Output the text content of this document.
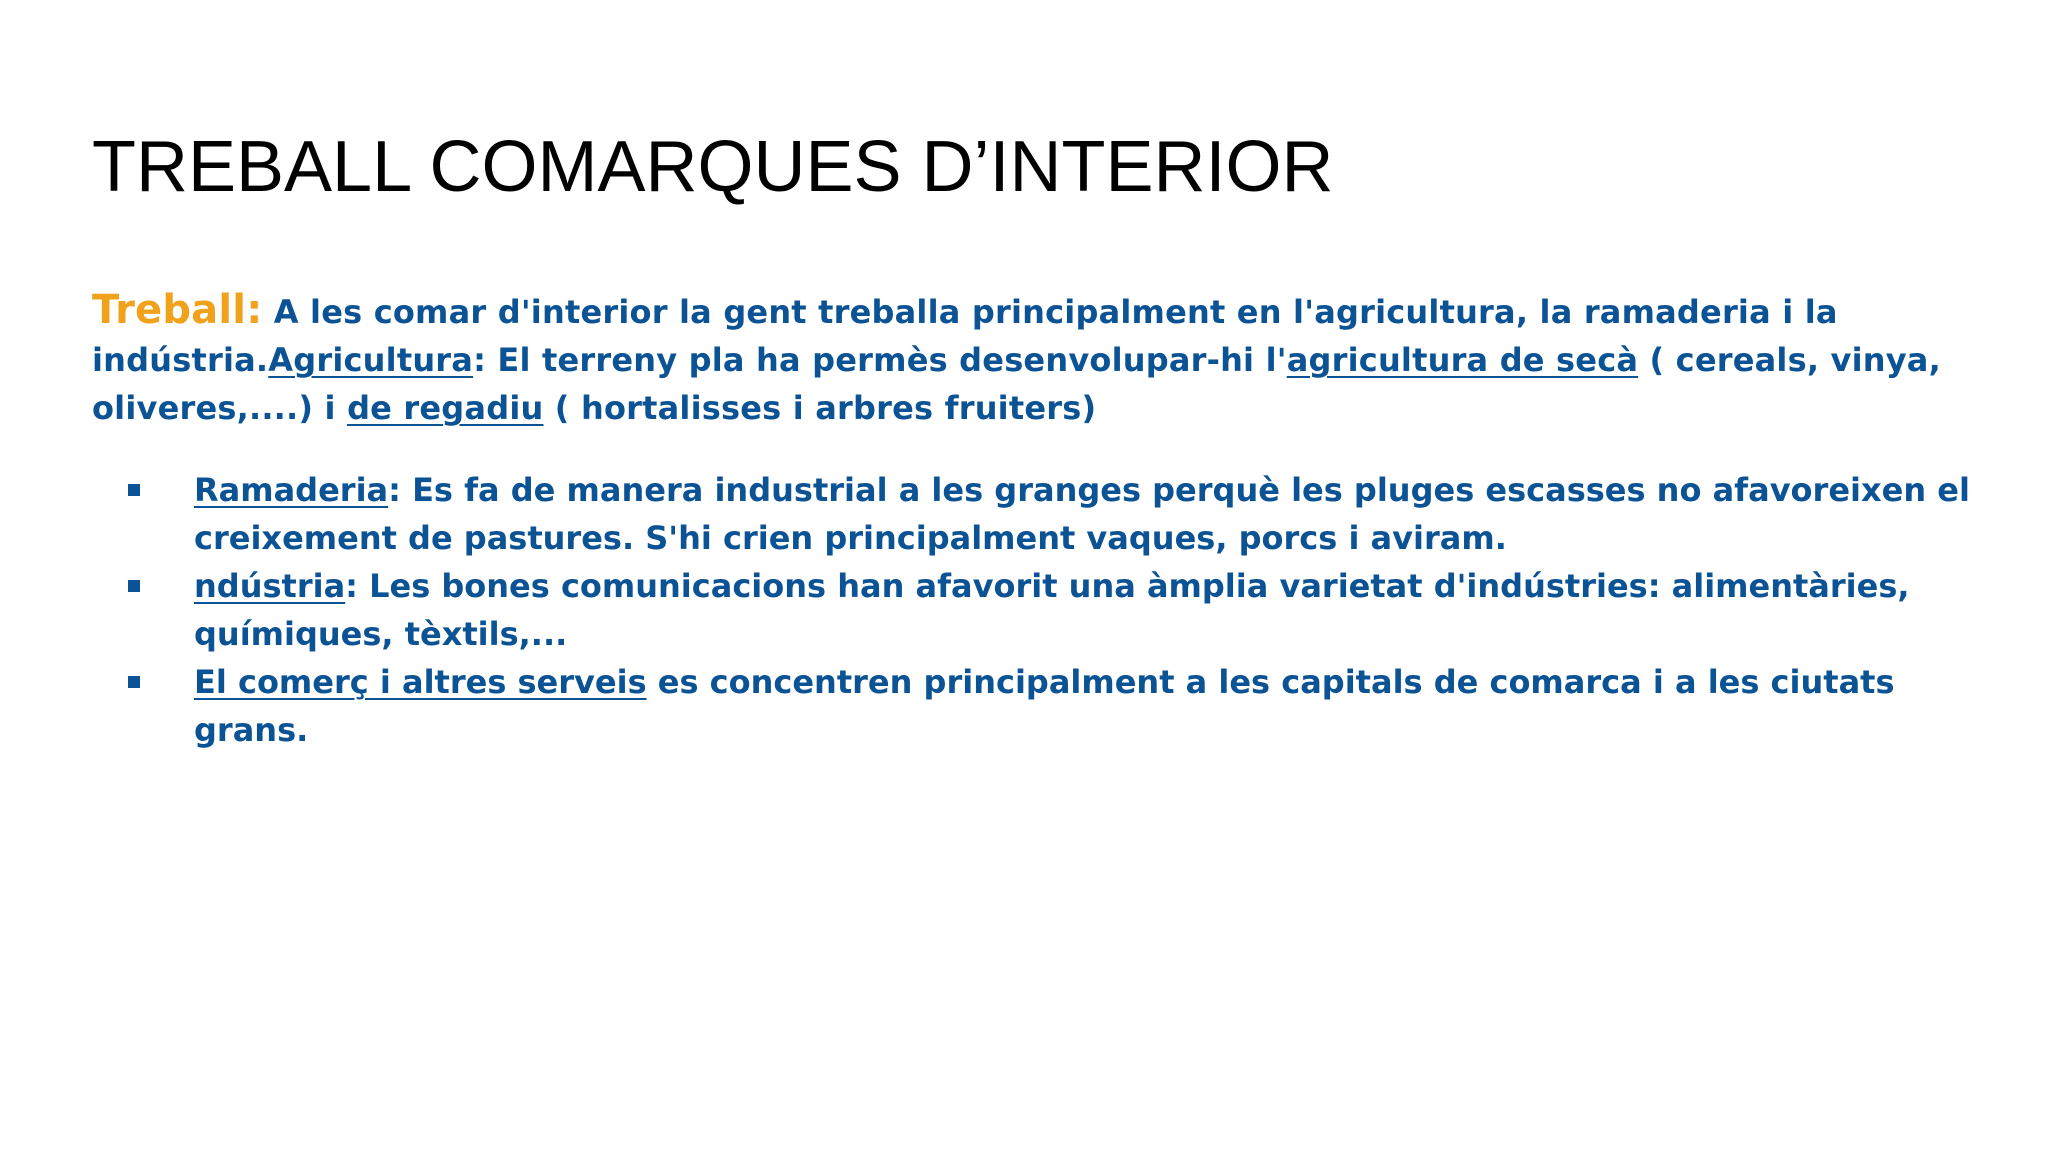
TREBALL COMARQUES D’INTERIOR

Treball: A les comar d'interior la gent treballa principalment en l'agricultura, la ramaderia i la indústria.Agricultura: El terreny pla ha permès desenvolupar-hi l'agricultura de secà ( cereals, vinya, oliveres,....) i de regadiu ( hortalisses i arbres fruiters)

Ramaderia: Es fa de manera industrial a les granges perquè les pluges escasses no afavoreixen el creixement de pastures. S'hi crien principalment vaques, porcs i aviram.
ndústria: Les bones comunicacions han afavorit una àmplia varietat d'indústries: alimentàries, químiques, tèxtils,...
El comerç i altres serveis es concentren principalment a les capitals de comarca i a les ciutats grans.
